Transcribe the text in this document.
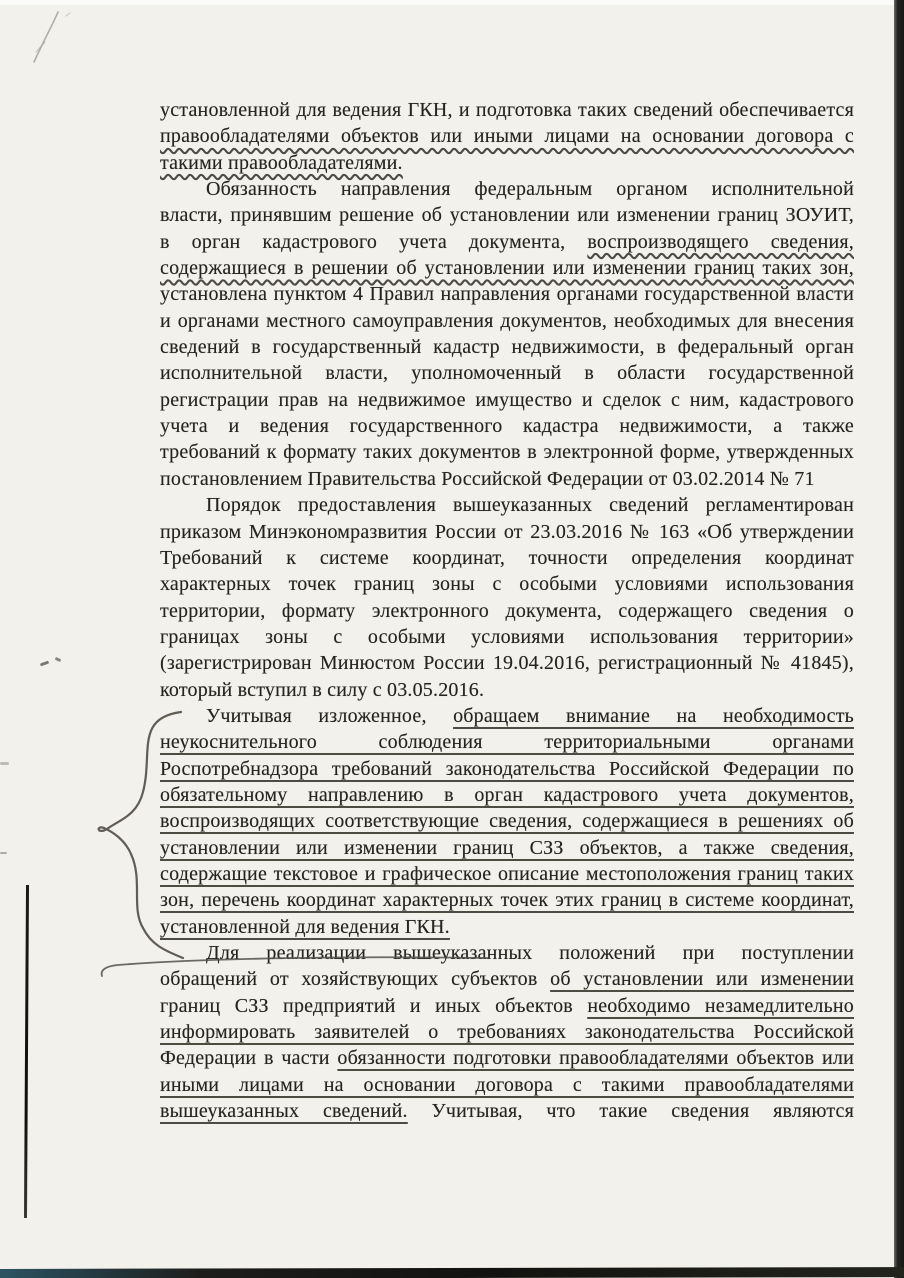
установленной для ведения ГКН, и подготовка таких сведений обеспечивается
правообладателями объектов или иными лицами на основании договора с
такими правообладателями.
Обязанность направления федеральным органом исполнительной
власти, принявшим решение об установлении или изменении границ ЗОУИТ,
в орган кадастрового учета документа, воспроизводящего сведения,
содержащиеся в решении об установлении или изменении границ таких зон,
установлена пунктом 4 Правил направления органами государственной власти
и органами местного самоуправления документов, необходимых для внесения
сведений в государственный кадастр недвижимости, в федеральный орган
исполнительной власти, уполномоченный в области государственной
регистрации прав на недвижимое имущество и сделок с ним, кадастрового
учета и ведения государственного кадастра недвижимости, а также
требований к формату таких документов в электронной форме, утвержденных
постановлением Правительства Российской Федерации от 03.02.2014 № 71
Порядок предоставления вышеуказанных сведений регламентирован
приказом Минэкономразвития России от 23.03.2016 № 163 «Об утверждении
Требований к системе координат, точности определения координат
характерных точек границ зоны с особыми условиями использования
территории, формату электронного документа, содержащего сведения о
границах зоны с особыми условиями использования территории»
(зарегистрирован Минюстом России 19.04.2016, регистрационный № 41845),
который вступил в силу с 03.05.2016.
Учитывая изложенное, обращаем внимание на необходимость
неукоснительного соблюдения территориальными органами
Роспотребнадзора требований законодательства Российской Федерации по
обязательному направлению в орган кадастрового учета документов,
воспроизводящих соответствующие сведения, содержащиеся в решениях об
установлении или изменении границ СЗЗ объектов, а также сведения,
содержащие текстовое и графическое описание местоположения границ таких
зон, перечень координат характерных точек этих границ в системе координат,
установленной для ведения ГКН.
Для реализации вышеуказанных положений при поступлении
обращений от хозяйствующих субъектов об установлении или изменении
границ СЗЗ предприятий и иных объектов необходимо незамедлительно
информировать заявителей о требованиях законодательства Российской
Федерации в части обязанности подготовки правообладателями объектов или
иными лицами на основании договора с такими правообладателями
вышеуказанных сведений. Учитывая, что такие сведения являются
